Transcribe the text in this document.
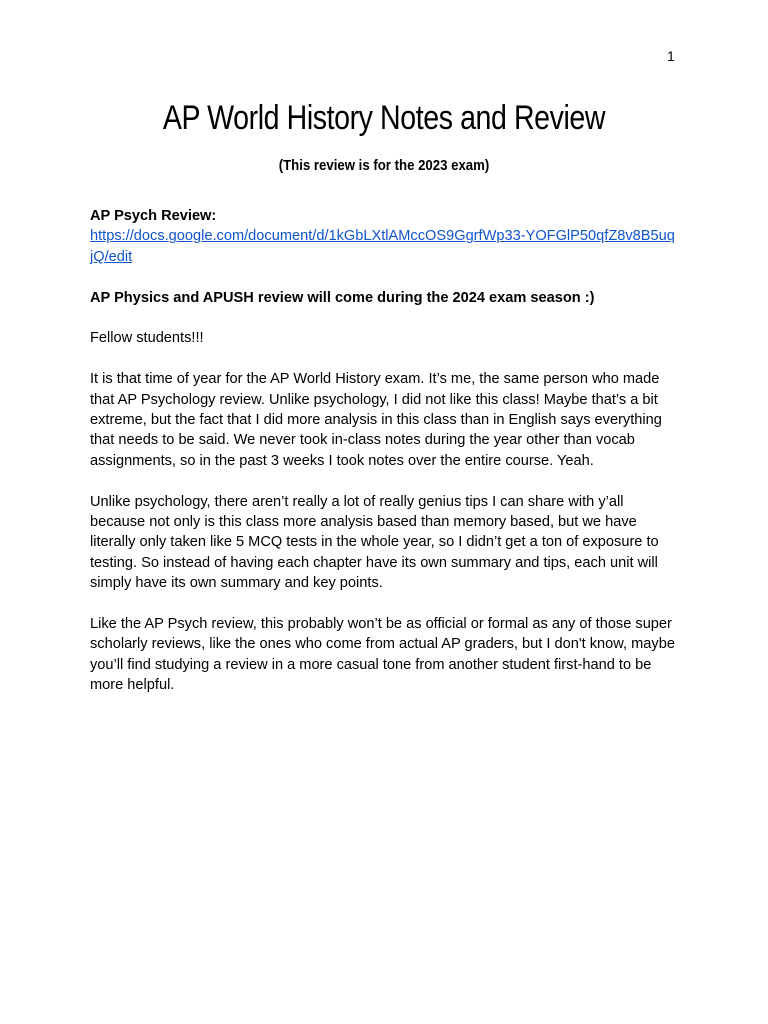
1
AP World History Notes and Review
(This review is for the 2023 exam)

AP Psych Review:
https://docs.google.com/document/d/1kGbLXtlAMccOS9GgrfWp33-YOFGlP50qfZ8v8B5uqjQ/edit

AP Physics and APUSH review will come during the 2024 exam season :)

Fellow students!!!

It is that time of year for the AP World History exam. It’s me, the same person who made that AP Psychology review. Unlike psychology, I did not like this class! Maybe that’s a bit extreme, but the fact that I did more analysis in this class than in English says everything that needs to be said. We never took in-class notes during the year other than vocab assignments, so in the past 3 weeks I took notes over the entire course. Yeah.

Unlike psychology, there aren’t really a lot of really genius tips I can share with y’all because not only is this class more analysis based than memory based, but we have literally only taken like 5 MCQ tests in the whole year, so I didn’t get a ton of exposure to testing. So instead of having each chapter have its own summary and tips, each unit will simply have its own summary and key points.

Like the AP Psych review, this probably won’t be as official or formal as any of those super scholarly reviews, like the ones who come from actual AP graders, but I don't know, maybe you’ll find studying a review in a more casual tone from another student first-hand to be more helpful.
